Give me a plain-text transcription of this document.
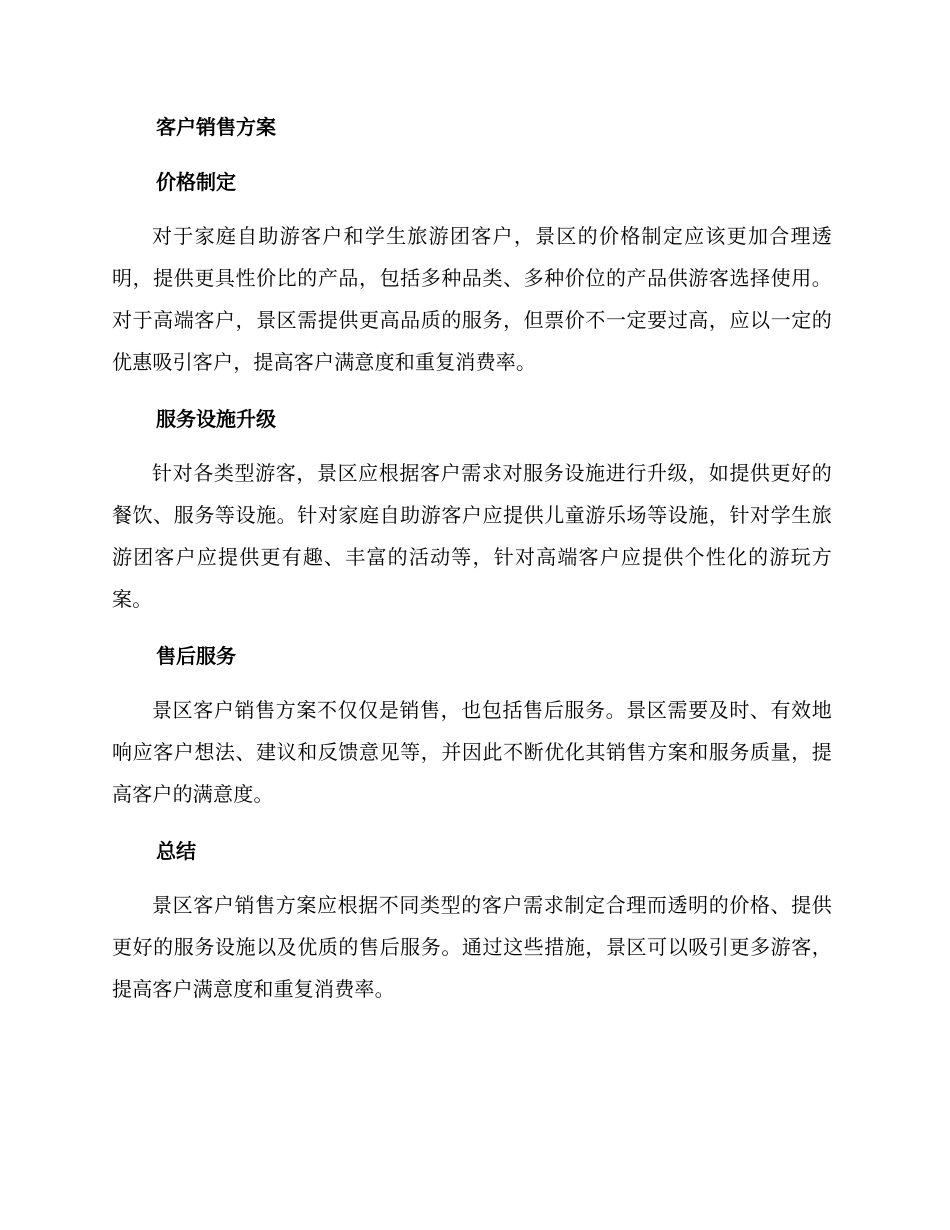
客户销售方案
价格制定

对于家庭自助游客户和学生旅游团客户，景区的价格制定应该更加合理透明，提供更具性价比的产品，包括多种品类、多种价位的产品供游客选择使用。对于高端客户，景区需提供更高品质的服务，但票价不一定要过高，应以一定的优惠吸引客户，提高客户满意度和重复消费率。

服务设施升级

针对各类型游客，景区应根据客户需求对服务设施进行升级，如提供更好的餐饮、服务等设施。针对家庭自助游客户应提供儿童游乐场等设施，针对学生旅游团客户应提供更有趣、丰富的活动等，针对高端客户应提供个性化的游玩方案。

售后服务

景区客户销售方案不仅仅是销售，也包括售后服务。景区需要及时、有效地响应客户想法、建议和反馈意见等，并因此不断优化其销售方案和服务质量，提高客户的满意度。

总结

景区客户销售方案应根据不同类型的客户需求制定合理而透明的价格、提供更好的服务设施以及优质的售后服务。通过这些措施，景区可以吸引更多游客，提高客户满意度和重复消费率。
